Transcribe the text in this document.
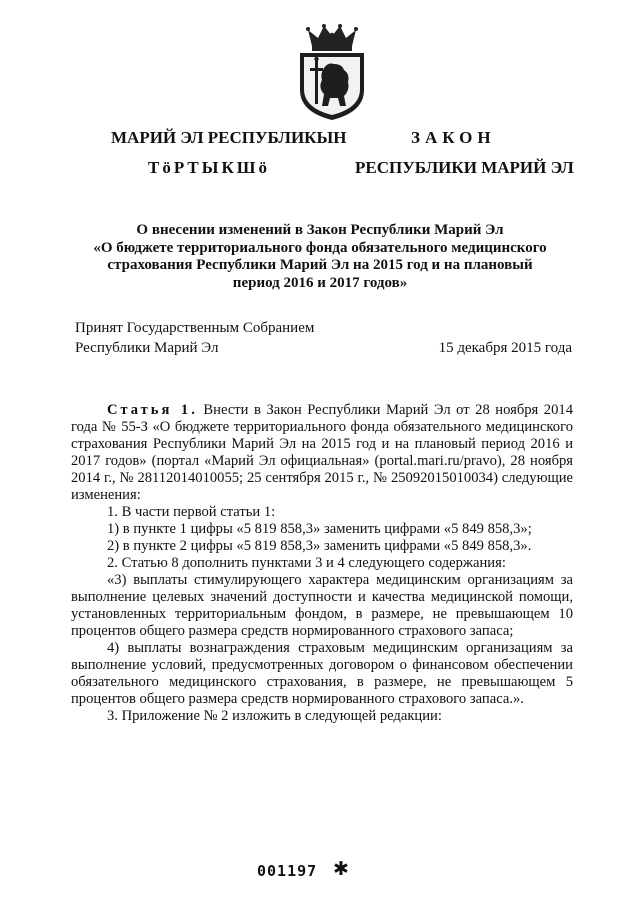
МАРИЙ ЭЛ РЕСПУБЛИКЫН
ТӧРТЫКШӧ
ЗАКОН
РЕСПУБЛИКИ МАРИЙ ЭЛ
О внесении изменений в Закон Республики Марий Эл
«О бюджете территориального фонда обязательного медицинского
страхования Республики Марий Эл на 2015 год и на плановый
период 2016 и 2017 годов»
Принят Государственным Собранием
Республики Марий Эл	15 декабря 2015 года

Статья 1. Внести в Закон Республики Марий Эл от 28 ноября 2014 года № 55-З «О бюджете территориального фонда обязательного медицинского страхования Республики Марий Эл на 2015 год и на плановый период 2016 и 2017 годов» (портал «Марий Эл официальная» (portal.mari.ru/pravo), 28 ноября 2014 г., № 28112014010055; 25 сентября 2015 г., № 25092015010034) следующие изменения:

1. В части первой статьи 1:

1) в пункте 1 цифры «5 819 858,3» заменить цифрами «5 849 858,3»;

2) в пункте 2 цифры «5 819 858,3» заменить цифрами «5 849 858,3».

2. Статью 8 дополнить пунктами 3 и 4 следующего содержания:

«3) выплаты стимулирующего характера медицинским организациям за выполнение целевых значений доступности и качества медицинской помощи, установленных территориальным фондом, в размере, не превышающем 10 процентов общего размера средств нормированного страхового запаса;

4) выплаты вознаграждения страховым медицинским организациям за выполнение условий, предусмотренных договором о финансовом обеспечении обязательного медицинского страхования, в размере, не превышающем 5 процентов общего размера средств нормированного страхового запаса.».

3. Приложение № 2 изложить в следующей редакции:

001197 ✱
